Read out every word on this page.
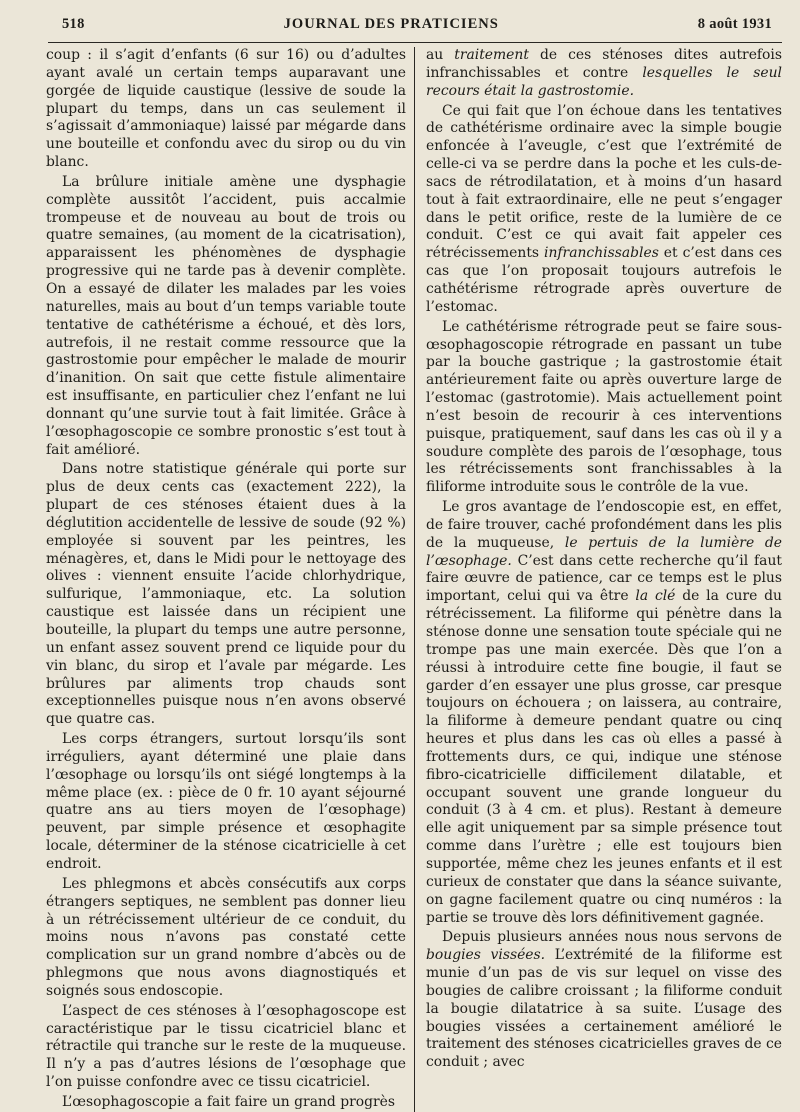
518	JOURNAL DES PRATICIENS	8 août 1931

coup : il s’agit d’enfants (6 sur 16) ou d’adultes ayant avalé un certain temps auparavant une gorgée de liquide caustique (lessive de soude la plupart du temps, dans un cas seulement il s’agissait d’ammoniaque) laissé par mégarde dans une bouteille et confondu avec du sirop ou du vin blanc.

La brûlure initiale amène une dysphagie complète aussitôt l’accident, puis accalmie trompeuse et de nouveau au bout de trois ou quatre semaines, (au moment de la cicatrisation), apparaissent les phénomènes de dysphagie progressive qui ne tarde pas à devenir complète. On a essayé de dilater les malades par les voies naturelles, mais au bout d’un temps variable toute tentative de cathétérisme a échoué, et dès lors, autrefois, il ne restait comme ressource que la gastrostomie pour empêcher le malade de mourir d’inanition. On sait que cette fistule alimentaire est insuffisante, en particulier chez l’enfant ne lui donnant qu’une survie tout à fait limitée. Grâce à l’œsophagoscopie ce sombre pronostic s’est tout à fait amélioré.

Dans notre statistique générale qui porte sur plus de deux cents cas (exactement 222), la plupart de ces sténoses étaient dues à la déglutition accidentelle de lessive de soude (92 %) employée si souvent par les peintres, les ménagères, et, dans le Midi pour le nettoyage des olives : viennent ensuite l’acide chlorhydrique, sulfurique, l’ammoniaque, etc. La solution caustique est laissée dans un récipient une bouteille, la plupart du temps une autre personne, un enfant assez souvent prend ce liquide pour du vin blanc, du sirop et l’avale par mégarde. Les brûlures par aliments trop chauds sont exceptionnelles puisque nous n’en avons observé que quatre cas.

Les corps étrangers, surtout lorsqu’ils sont irréguliers, ayant déterminé une plaie dans l’œsophage ou lorsqu’ils ont siégé longtemps à la même place (ex. : pièce de 0 fr. 10 ayant séjourné quatre ans au tiers moyen de l’œsophage) peuvent, par simple présence et œsophagite locale, déterminer de la sténose cicatricielle à cet endroit.

Les phlegmons et abcès consécutifs aux corps étrangers septiques, ne semblent pas donner lieu à un rétrécissement ultérieur de ce conduit, du moins nous n’avons pas constaté cette complication sur un grand nombre d’abcès ou de phlegmons que nous avons diagnostiqués et soignés sous endoscopie.

L’aspect de ces sténoses à l’œsophagoscope est caractéristique par le tissu cicatriciel blanc et rétractile qui tranche sur le reste de la muqueuse. Il n’y a pas d’autres lésions de l’œsophage que l’on puisse confondre avec ce tissu cicatriciel.

L’œsophagoscopie a fait faire un grand progrès

au traitement de ces sténoses dites autrefois infranchissables et contre lesquelles le seul recours était la gastrostomie.

Ce qui fait que l’on échoue dans les tentatives de cathétérisme ordinaire avec la simple bougie enfoncée à l’aveugle, c’est que l’extrémité de celle-ci va se perdre dans la poche et les culs-de-sacs de rétrodilatation, et à moins d’un hasard tout à fait extraordinaire, elle ne peut s’engager dans le petit orifice, reste de la lumière de ce conduit. C’est ce qui avait fait appeler ces rétrécissements infranchissables et c’est dans ces cas que l’on proposait toujours autrefois le cathétérisme rétrograde après ouverture de l’estomac.

Le cathétérisme rétrograde peut se faire sous-œsophagoscopie rétrograde en passant un tube par la bouche gastrique ; la gastrostomie était antérieurement faite ou après ouverture large de l’estomac (gastrotomie). Mais actuellement point n’est besoin de recourir à ces interventions puisque, pratiquement, sauf dans les cas où il y a soudure complète des parois de l’œsophage, tous les rétrécissements sont franchissables à la filiforme introduite sous le contrôle de la vue.

Le gros avantage de l’endoscopie est, en effet, de faire trouver, caché profondément dans les plis de la muqueuse, le pertuis de la lumière de l’œsophage. C’est dans cette recherche qu’il faut faire œuvre de patience, car ce temps est le plus important, celui qui va être la clé de la cure du rétrécissement. La filiforme qui pénètre dans la sténose donne une sensation toute spéciale qui ne trompe pas une main exercée. Dès que l’on a réussi à introduire cette fine bougie, il faut se garder d’en essayer une plus grosse, car presque toujours on échouera ; on laissera, au contraire, la filiforme à demeure pendant quatre ou cinq heures et plus dans les cas où elles a passé à frottements durs, ce qui, indique une sténose fibro-cicatricielle difficilement dilatable, et occupant souvent une grande longueur du conduit (3 à 4 cm. et plus). Restant à demeure elle agit uniquement par sa simple présence tout comme dans l’urètre ; elle est toujours bien supportée, même chez les jeunes enfants et il est curieux de constater que dans la séance suivante, on gagne facilement quatre ou cinq numéros : la partie se trouve dès lors définitivement gagnée.

Depuis plusieurs années nous nous servons de bougies vissées. L’extrémité de la filiforme est munie d’un pas de vis sur lequel on visse des bougies de calibre croissant ; la filiforme conduit la bougie dilatatrice à sa suite. L’usage des bougies vissées a certainement amélioré le traitement des sténoses cicatricielles graves de ce conduit ; avec
